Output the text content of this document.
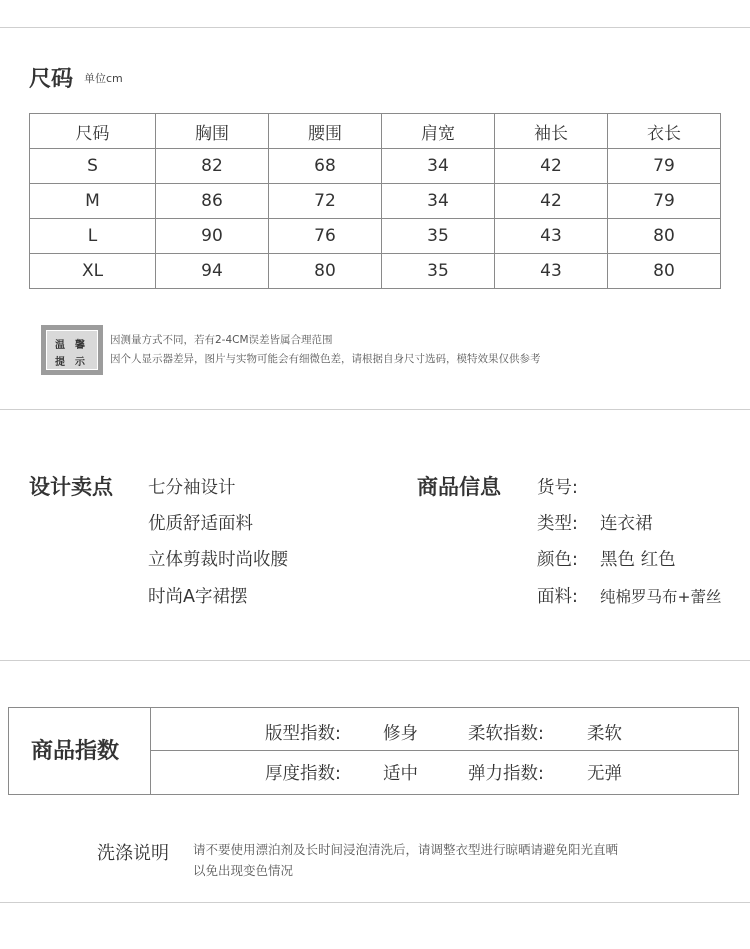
尺码 单位cm
尺码	胸围	腰围	肩宽	袖长	衣长
S	82	68	34	42	79
M	86	72	34	42	79
L	90	76	35	43	80
XL	94	80	35	43	80
温 馨
提 示
因测量方式不同，若有2-4CM误差皆属合理范围
因个人显示器差异，图片与实物可能会有细微色差，请根据自身尺寸选码，模特效果仅供参考
设计卖点 七分袖设计
优质舒适面料
立体剪裁时尚收腰
时尚A字裙摆
商品信息 货号:
类型: 连衣裙
颜色: 黑色 红色
面料: 纯棉罗马布+蕾丝
商品指数
版型指数: 修身	柔软指数: 柔软
厚度指数: 适中	弹力指数: 无弹
洗涤说明 请不要使用漂泊剂及长时间浸泡清洗后，请调整衣型进行晾晒请避免阳光直晒
以免出现变色情况
